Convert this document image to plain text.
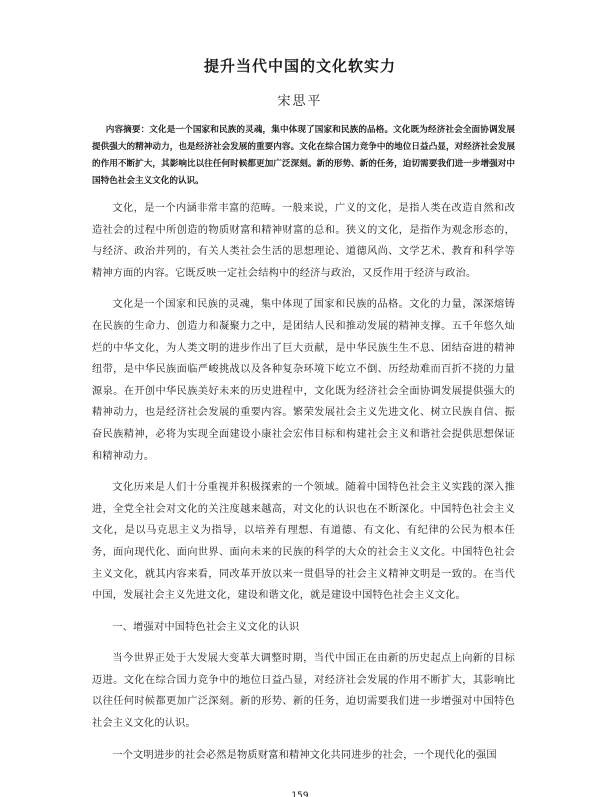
提升当代中国的文化软实力
宋思平
内容摘要：文化是一个国家和民族的灵魂，集中体现了国家和民族的品格。文化既为经济社会全面协调发展提供强大的精神动力，也是经济社会发展的重要内容。文化在综合国力竞争中的地位日益凸显，对经济社会发展的作用不断扩大，其影响比以往任何时候都更加广泛深刻。新的形势、新的任务，迫切需要我们进一步增强对中国特色社会主义文化的认识。

文化，是一个内涵非常丰富的范畴。一般来说，广义的文化，是指人类在改造自然和改造社会的过程中所创造的物质财富和精神财富的总和。狭义的文化，是指作为观念形态的，与经济、政治并列的，有关人类社会生活的思想理论、道德风尚、文学艺术、教育和科学等精神方面的内容。它既反映一定社会结构中的经济与政治，又反作用于经济与政治。

文化是一个国家和民族的灵魂，集中体现了国家和民族的品格。文化的力量，深深熔铸在民族的生命力、创造力和凝聚力之中，是团结人民和推动发展的精神支撑。五千年悠久灿烂的中华文化，为人类文明的进步作出了巨大贡献，是中华民族生生不息、团结奋进的精神纽带，是中华民族面临严峻挑战以及各种复杂环境下屹立不倒、历经劫难而百折不挠的力量源泉。在开创中华民族美好未来的历史进程中，文化既为经济社会全面协调发展提供强大的精神动力，也是经济社会发展的重要内容。繁荣发展社会主义先进文化、树立民族自信、振奋民族精神，必将为实现全面建设小康社会宏伟目标和构建社会主义和谐社会提供思想保证和精神动力。

文化历来是人们十分重视并积极探索的一个领域。随着中国特色社会主义实践的深入推进，全党全社会对文化的关注度越来越高，对文化的认识也在不断深化。中国特色社会主义文化，是以马克思主义为指导，以培养有理想、有道德、有文化、有纪律的公民为根本任务，面向现代化、面向世界、面向未来的民族的科学的大众的社会主义文化。中国特色社会主义文化，就其内容来看，同改革开放以来一贯倡导的社会主义精神文明是一致的。在当代中国，发展社会主义先进文化，建设和谐文化，就是建设中国特色社会主义文化。

一、增强对中国特色社会主义文化的认识

当今世界正处于大发展大变革大调整时期，当代中国正在由新的历史起点上向新的目标迈进。文化在综合国力竞争中的地位日益凸显，对经济社会发展的作用不断扩大，其影响比以往任何时候都更加广泛深刻。新的形势、新的任务，迫切需要我们进一步增强对中国特色社会主义文化的认识。

一个文明进步的社会必然是物质财富和精神文化共同进步的社会，一个现代化的强国

159
